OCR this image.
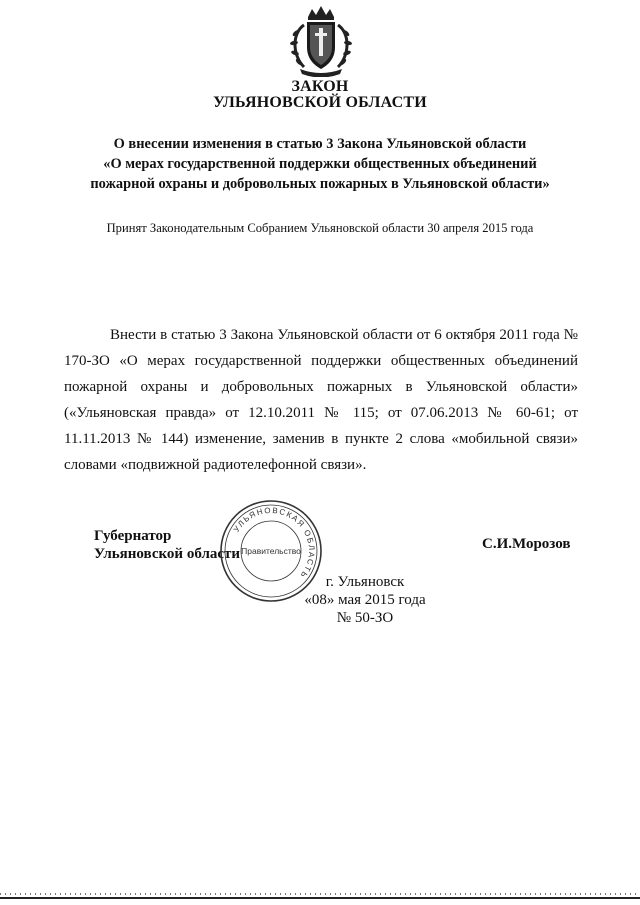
ЗАКОН
УЛЬЯНОВСКОЙ ОБЛАСТИ
О внесении изменения в статью 3 Закона Ульяновской области
«О мерах государственной поддержки общественных объединений
пожарной охраны и добровольных пожарных в Ульяновской области»
Принят Законодательным Собранием Ульяновской области 30 апреля 2015 года

Внести в статью 3 Закона Ульяновской области от 6 октября 2011 года № 170-ЗО «О мерах государственной поддержки общественных объединений пожарной охраны и добровольных пожарных в Ульяновской области» («Ульяновская правда» от 12.10.2011 № 115; от 07.06.2013 № 60-61; от 11.11.2013 № 144) изменение, заменив в пункте 2 слова «мобильной связи» словами «подвижной радиотелефонной связи».

Губернатор
Ульяновской области
УЛЬЯНОВСКАЯ ОБЛАСТЬ
Правительство	С.И.Морозов
г. Ульяновск
«08» мая 2015 года
№ 50-ЗО
